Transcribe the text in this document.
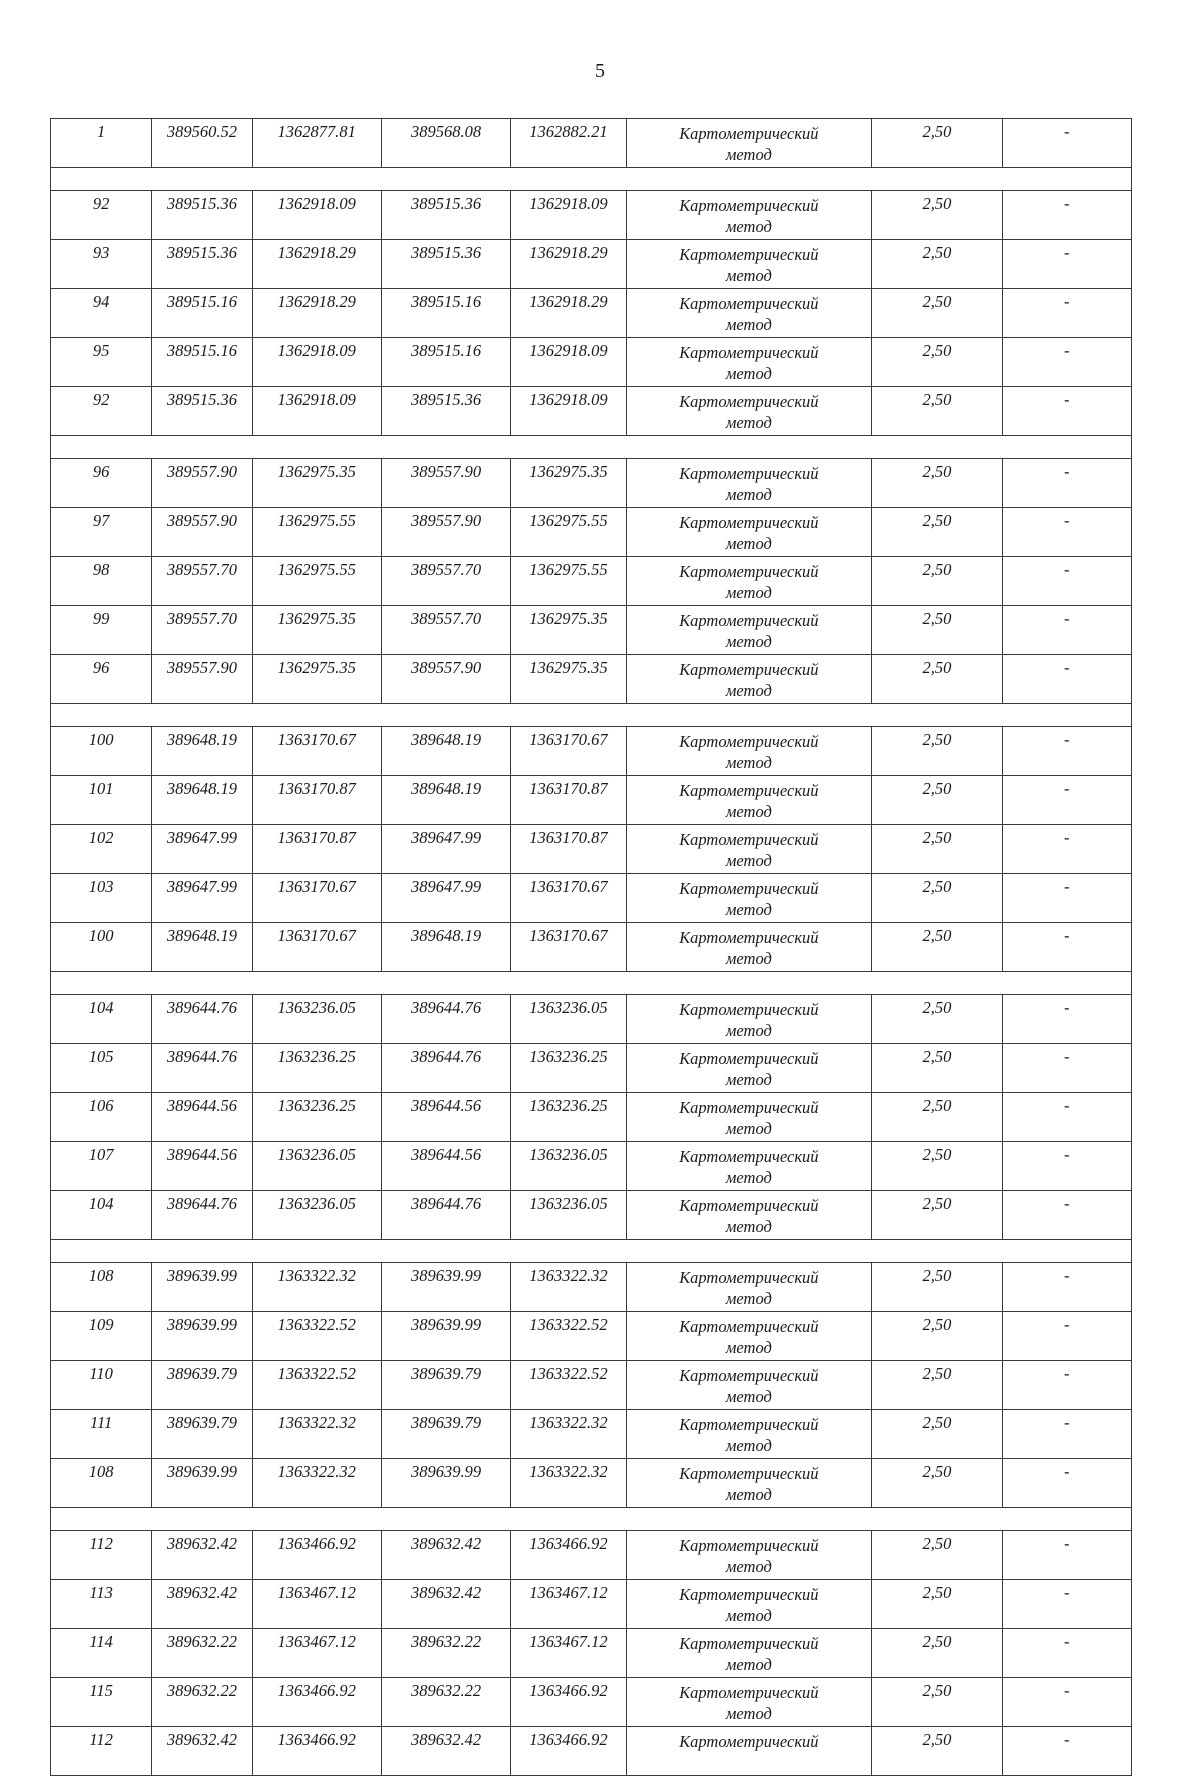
5
1	389560.52	1362877.81	389568.08	1362882.21	Картометрический
метод	2,50	-

92	389515.36	1362918.09	389515.36	1362918.09	Картометрический
метод	2,50	-
93	389515.36	1362918.29	389515.36	1362918.29	Картометрический
метод	2,50	-
94	389515.16	1362918.29	389515.16	1362918.29	Картометрический
метод	2,50	-
95	389515.16	1362918.09	389515.16	1362918.09	Картометрический
метод	2,50	-
92	389515.36	1362918.09	389515.36	1362918.09	Картометрический
метод	2,50	-

96	389557.90	1362975.35	389557.90	1362975.35	Картометрический
метод	2,50	-
97	389557.90	1362975.55	389557.90	1362975.55	Картометрический
метод	2,50	-
98	389557.70	1362975.55	389557.70	1362975.55	Картометрический
метод	2,50	-
99	389557.70	1362975.35	389557.70	1362975.35	Картометрический
метод	2,50	-
96	389557.90	1362975.35	389557.90	1362975.35	Картометрический
метод	2,50	-

100	389648.19	1363170.67	389648.19	1363170.67	Картометрический
метод	2,50	-
101	389648.19	1363170.87	389648.19	1363170.87	Картометрический
метод	2,50	-
102	389647.99	1363170.87	389647.99	1363170.87	Картометрический
метод	2,50	-
103	389647.99	1363170.67	389647.99	1363170.67	Картометрический
метод	2,50	-
100	389648.19	1363170.67	389648.19	1363170.67	Картометрический
метод	2,50	-

104	389644.76	1363236.05	389644.76	1363236.05	Картометрический
метод	2,50	-
105	389644.76	1363236.25	389644.76	1363236.25	Картометрический
метод	2,50	-
106	389644.56	1363236.25	389644.56	1363236.25	Картометрический
метод	2,50	-
107	389644.56	1363236.05	389644.56	1363236.05	Картометрический
метод	2,50	-
104	389644.76	1363236.05	389644.76	1363236.05	Картометрический
метод	2,50	-

108	389639.99	1363322.32	389639.99	1363322.32	Картометрический
метод	2,50	-
109	389639.99	1363322.52	389639.99	1363322.52	Картометрический
метод	2,50	-
110	389639.79	1363322.52	389639.79	1363322.52	Картометрический
метод	2,50	-
111	389639.79	1363322.32	389639.79	1363322.32	Картометрический
метод	2,50	-
108	389639.99	1363322.32	389639.99	1363322.32	Картометрический
метод	2,50	-

112	389632.42	1363466.92	389632.42	1363466.92	Картометрический
метод	2,50	-
113	389632.42	1363467.12	389632.42	1363467.12	Картометрический
метод	2,50	-
114	389632.22	1363467.12	389632.22	1363467.12	Картометрический
метод	2,50	-
115	389632.22	1363466.92	389632.22	1363466.92	Картометрический
метод	2,50	-
112	389632.42	1363466.92	389632.42	1363466.92	Картометрический	2,50	-
